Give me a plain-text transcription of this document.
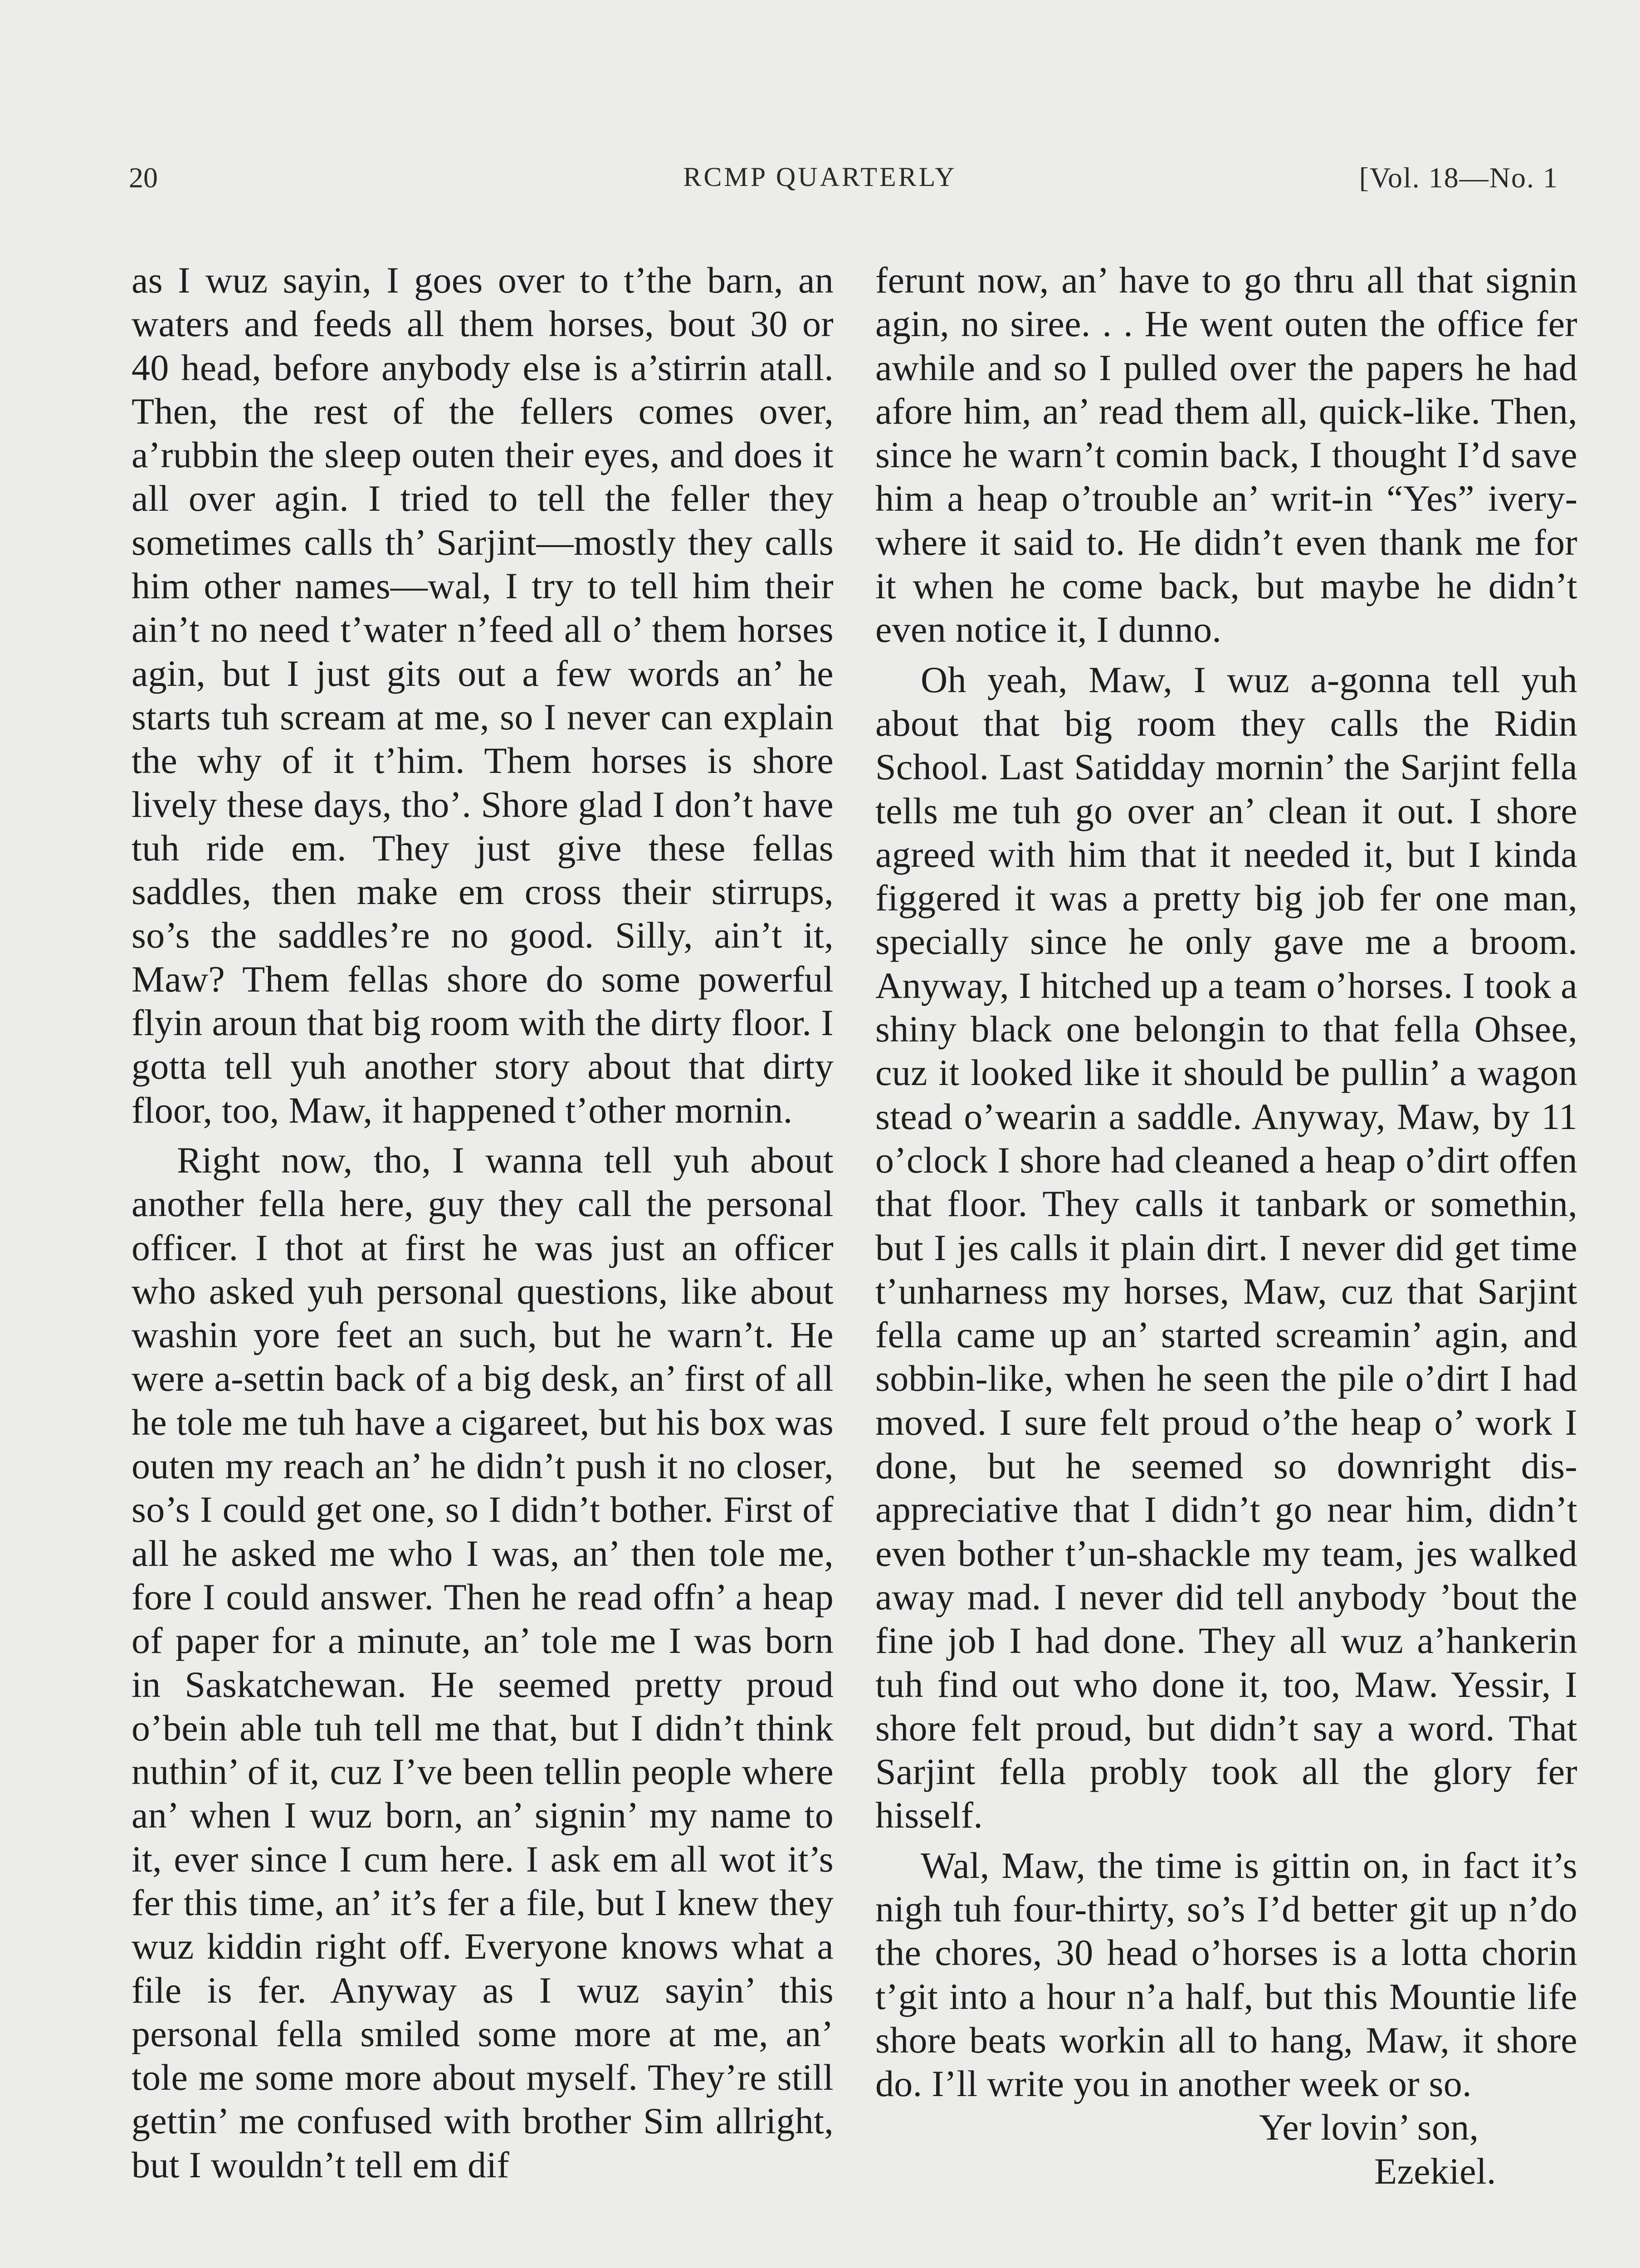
20	RCMP QUARTERLY	[Vol. 18—No. 1

as I wuz sayin, I goes over to t’the barn, an waters and feeds all them horses, bout 30 or 40 head, before anybody else is a’stirrin atall. Then, the rest of the fellers comes over, a’rubbin the sleep outen their eyes, and does it all over agin. I tried to tell the feller they sometimes calls th’ Sarjint—mostly they calls him other names—wal, I try to tell him their ain’t no need t’water n’feed all o’ them horses agin, but I just gits out a few words an’ he starts tuh scream at me, so I never can explain the why of it t’him. Them horses is shore lively these days, tho’. Shore glad I don’t have tuh ride em. They just give these fellas saddles, then make em cross their stirrups, so’s the saddles’re no good. Silly, ain’t it, Maw? Them fellas shore do some powerful flyin aroun that big room with the dirty floor. I gotta tell yuh another story about that dirty floor, too, Maw, it happened t’other mornin.

Right now, tho, I wanna tell yuh about another fella here, guy they call the personal officer. I thot at first he was just an officer who asked yuh personal questions, like about washin yore feet an such, but he warn’t. He were a-settin back of a big desk, an’ first of all he tole me tuh have a cigareet, but his box was outen my reach an’ he didn’t push it no closer, so’s I could get one, so I didn’t bother. First of all he asked me who I was, an’ then tole me, fore I could answer. Then he read offn’ a heap of paper for a minute, an’ tole me I was born in Saskatchewan. He seemed pretty proud o’bein able tuh tell me that, but I didn’t think nuthin’ of it, cuz I’ve been tellin people where an’ when I wuz born, an’ signin’ my name to it, ever since I cum here. I ask em all wot it’s fer this time, an’ it’s fer a file, but I knew they wuz kiddin right off. Everyone knows what a file is fer. Anyway as I wuz sayin’ this personal fella smiled some more at me, an’ tole me some more about myself. They’re still gettin’ me confused with brother Sim allright, but I wouldn’t tell em dif

ferunt now, an’ have to go thru all that signin agin, no siree. . . He went outen the office fer awhile and so I pulled over the papers he had afore him, an’ read them all, quick-like. Then, since he warn’t comin back, I thought I’d save him a heap o’trouble an’ writ-in “Yes” iverywhere it said to. He didn’t even thank me for it when he come back, but maybe he didn’t even notice it, I dunno.

Oh yeah, Maw, I wuz a-gonna tell yuh about that big room they calls the Ridin School. Last Satidday mornin’ the Sarjint fella tells me tuh go over an’ clean it out. I shore agreed with him that it needed it, but I kinda figgered it was a pretty big job fer one man, specially since he only gave me a broom. Anyway, I hitched up a team o’horses. I took a shiny black one belongin to that fella Ohsee, cuz it looked like it should be pullin’ a wagon stead o’wearin a saddle. Anyway, Maw, by 11 o’clock I shore had cleaned a heap o’dirt offen that floor. They calls it tanbark or somethin, but I jes calls it plain dirt. I never did get time t’unharness my horses, Maw, cuz that Sarjint fella came up an’ started screamin’ agin, and sobbin-like, when he seen the pile o’dirt I had moved. I sure felt proud o’the heap o’ work I done, but he seemed so downright dis-appreciative that I didn’t go near him, didn’t even bother t’un-shackle my team, jes walked away mad. I never did tell anybody ’bout the fine job I had done. They all wuz a’hankerin tuh find out who done it, too, Maw. Yessir, I shore felt proud, but didn’t say a word. That Sarjint fella probly took all the glory fer hisself.

Wal, Maw, the time is gittin on, in fact it’s nigh tuh four-thirty, so’s I’d better git up n’do the chores, 30 head o’horses is a lotta chorin t’git into a hour n’a half, but this Mountie life shore beats workin all to hang, Maw, it shore do. I’ll write you in another week or so.

Yer lovin’ son,

Ezekiel.
